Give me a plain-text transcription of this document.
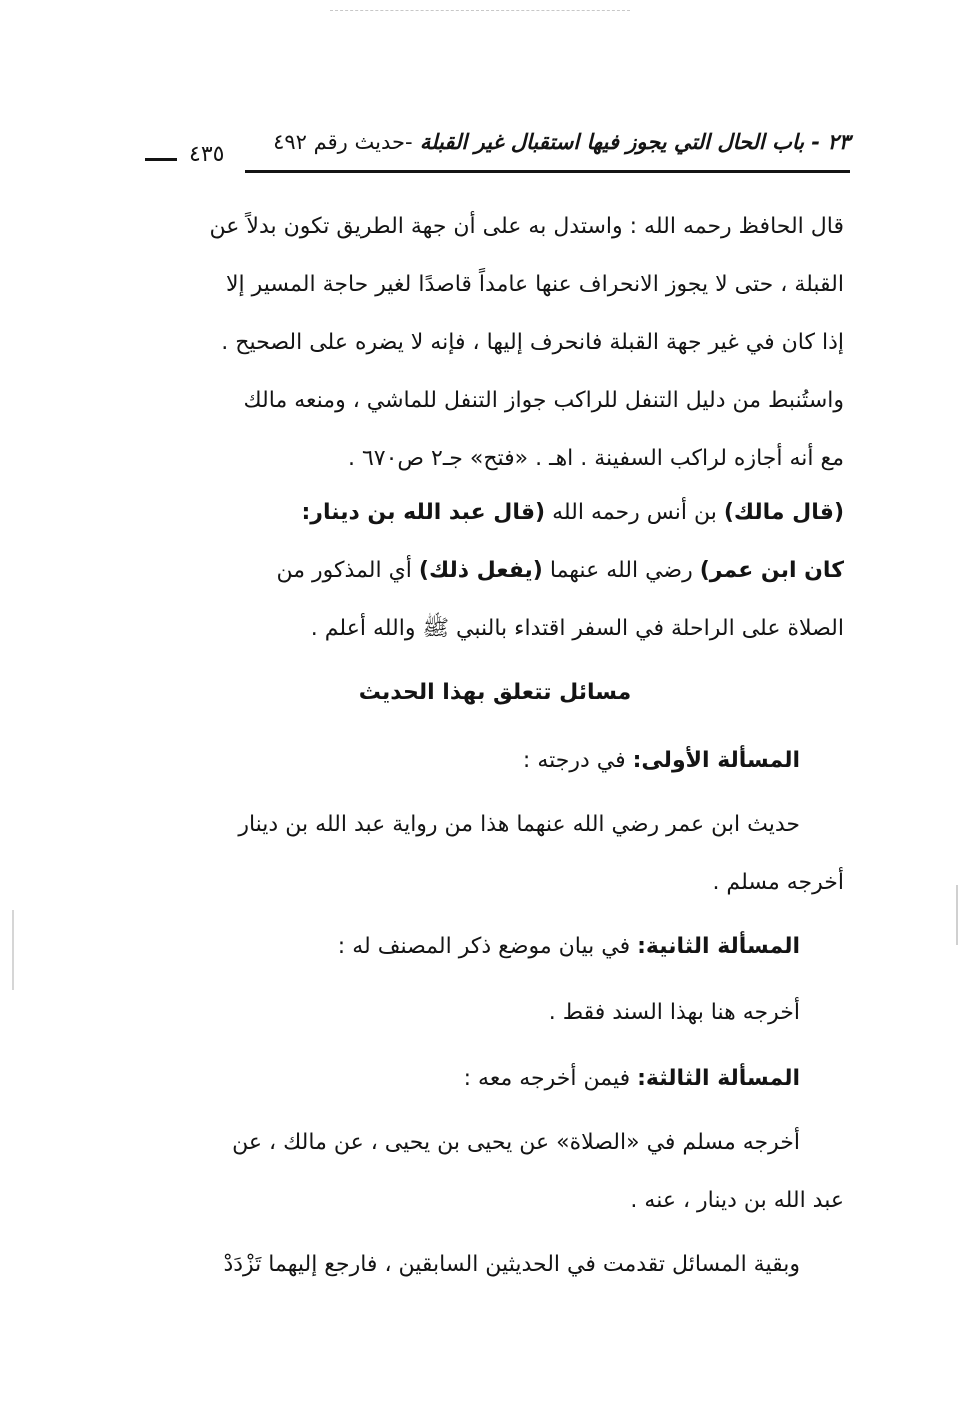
٢٣ - باب الحال التي يجوز فيها استقبال غير القبلة -حديث رقم ٤٩٢
٤٣٥
قال الحافظ رحمه الله : واستدل به على أن جهة الطريق تكون بدلاً عن
القبلة ، حتى لا يجوز الانحراف عنها عامداً قاصدًا لغير حاجة المسير إلا
إذا كان في غير جهة القبلة فانحرف إليها ، فإنه لا يضره على الصحيح .
واستُنبط من دليل التنفل للراكب جواز التنفل للماشي ، ومنعه مالك
مع أنه أجازه لراكب السفينة . اهـ . «فتح» جـ٢ ص٦٧٠ .
(قال مالك) بن أنس رحمه الله (قال عبد الله بن دينار:
كان ابن عمر) رضي الله عنهما (يفعل ذلك) أي المذكور من
الصلاة على الراحلة في السفر اقتداء بالنبي ﷺ والله أعلم .
مسائل تتعلق بهذا الحديث
المسألة الأولى: في درجته :
حديث ابن عمر رضي الله عنهما هذا من رواية عبد الله بن دينار
أخرجه مسلم .
المسألة الثانية: في بيان موضع ذكر المصنف له :
أخرجه هنا بهذا السند فقط .
المسألة الثالثة: فيمن أخرجه معه :
أخرجه مسلم في «الصلاة» عن يحيى بن يحيى ، عن مالك ، عن
عبد الله بن دينار ، عنه .
وبقية المسائل تقدمت في الحديثين السابقين ، فارجع إليهما تَزْدَدْ
